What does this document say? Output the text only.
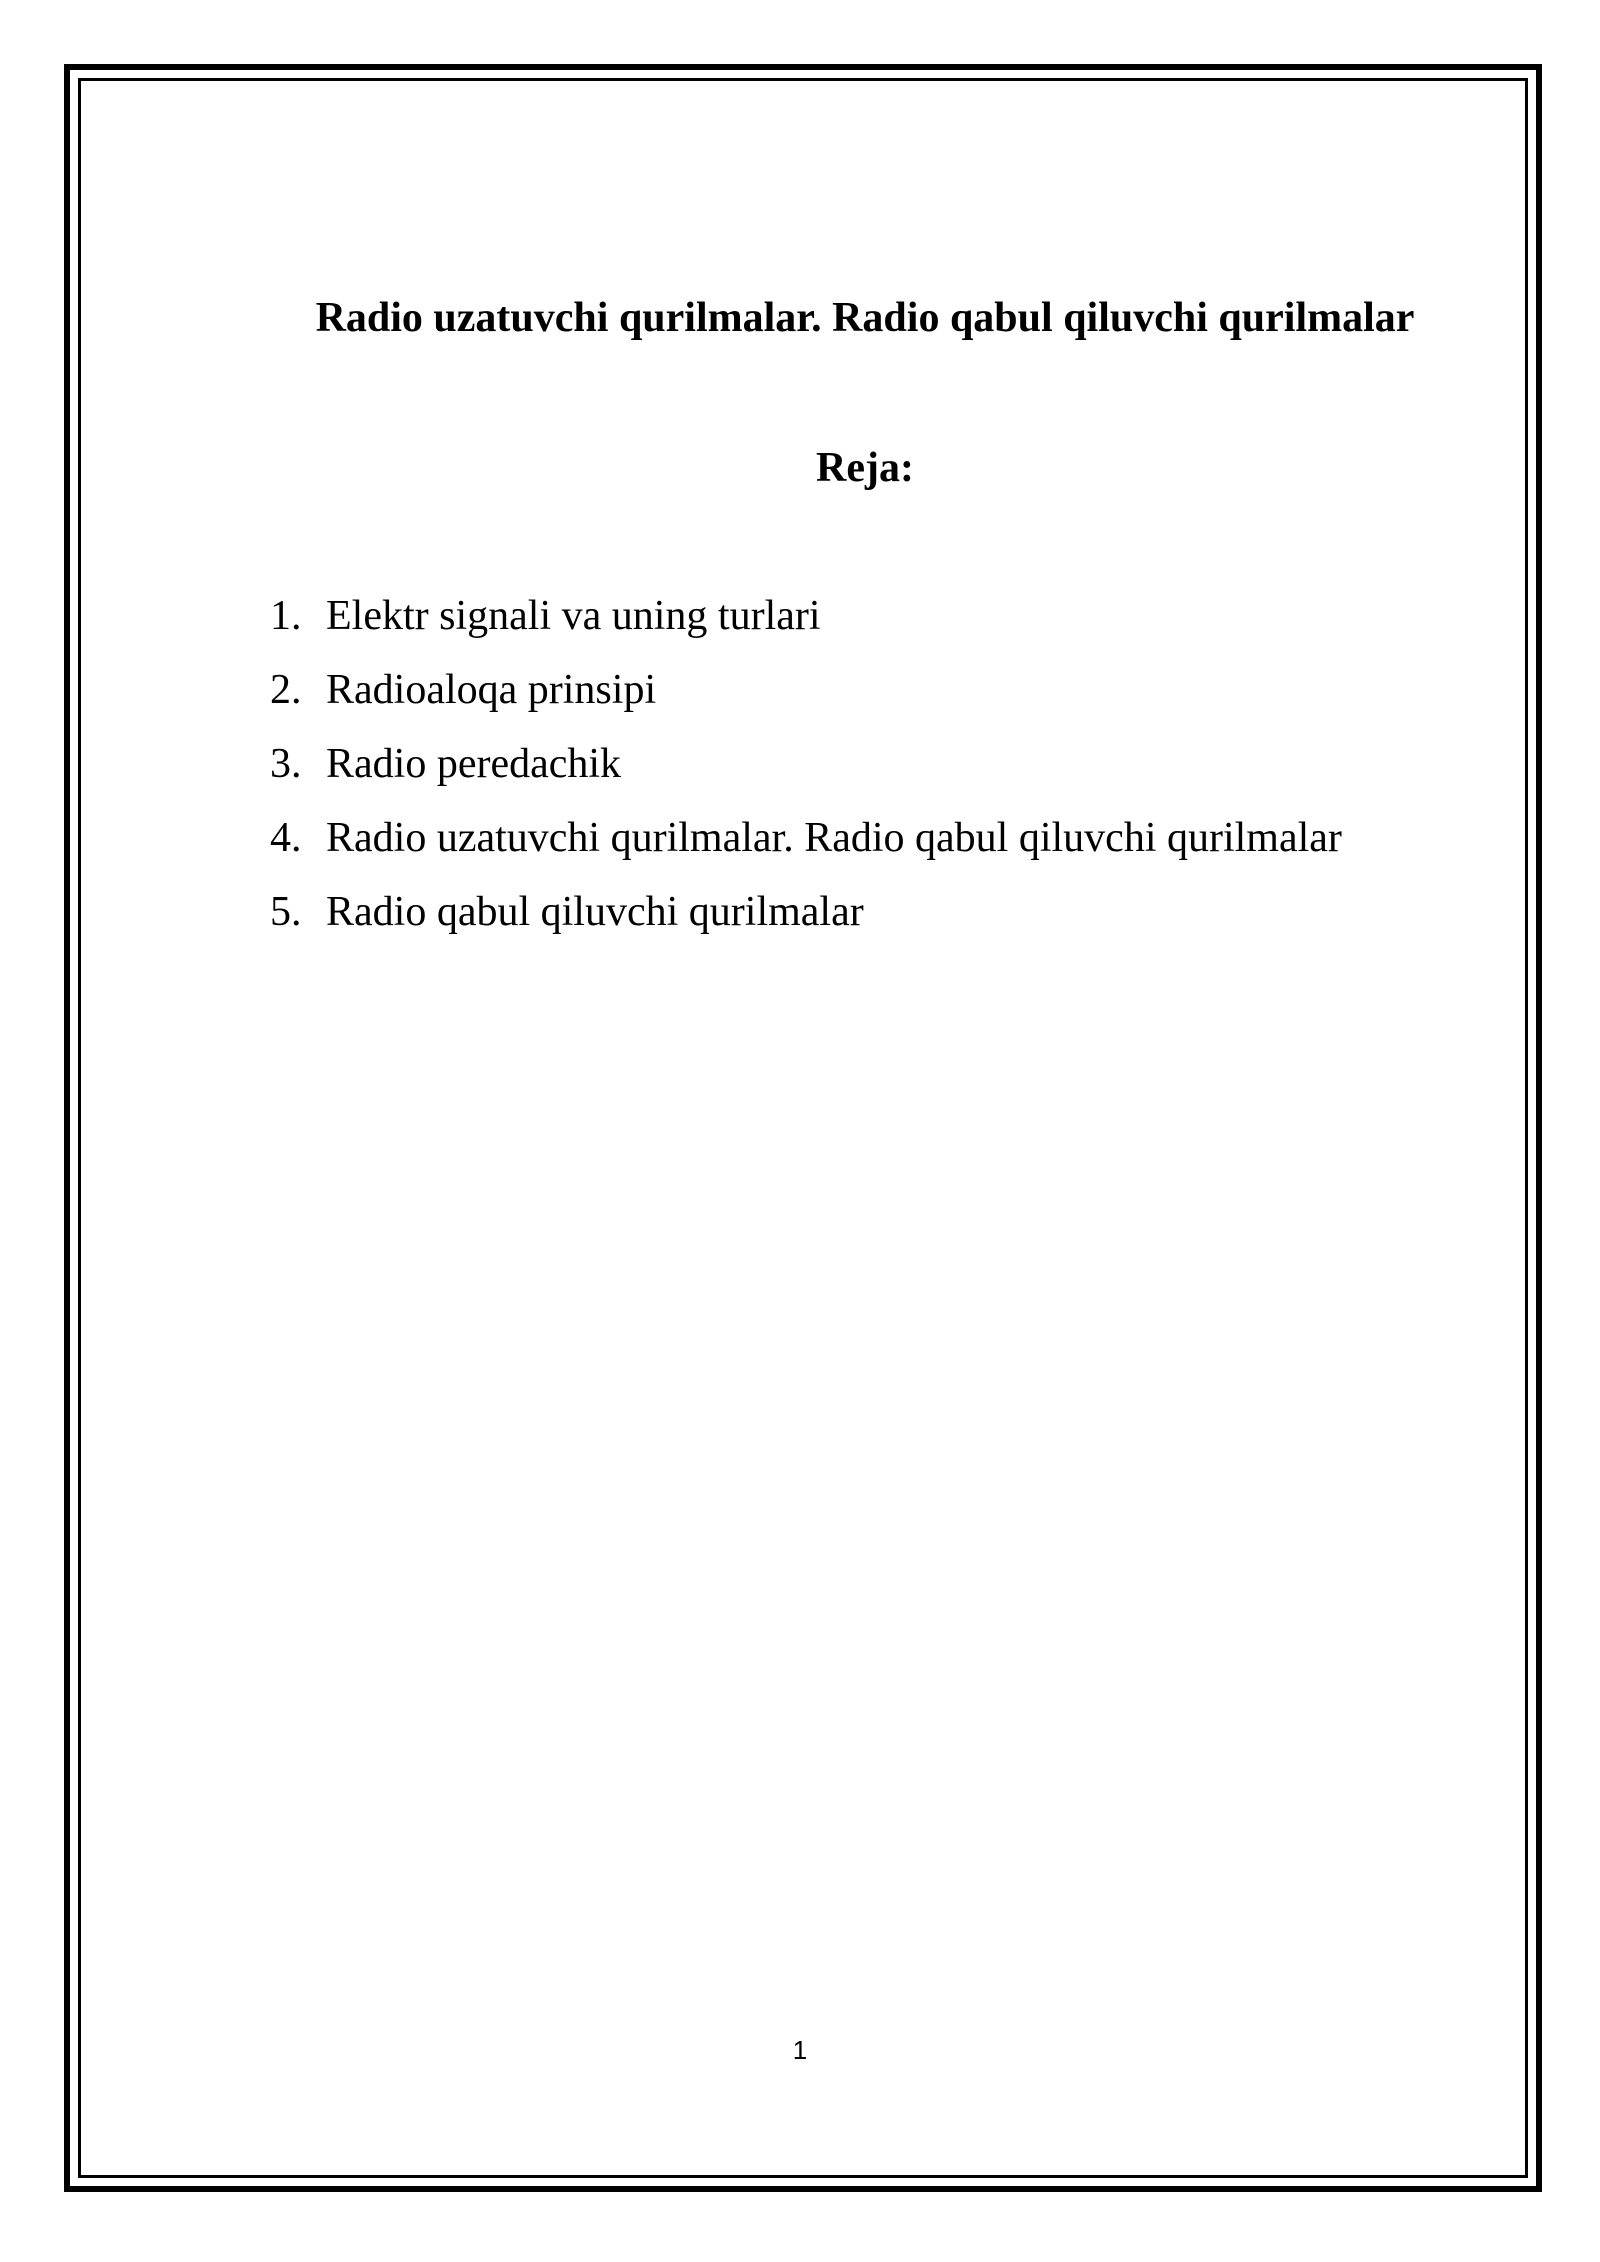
Radio uzatuvchi qurilmalar. Radio qabul qiluvchi qurilmalar
Reja:
1. Elektr signali va uning turlari
2. Radioaloqa prinsipi
3. Radio peredachik
4. Radio uzatuvchi qurilmalar. Radio qabul qiluvchi qurilmalar
5. Radio qabul qiluvchi qurilmalar
1
